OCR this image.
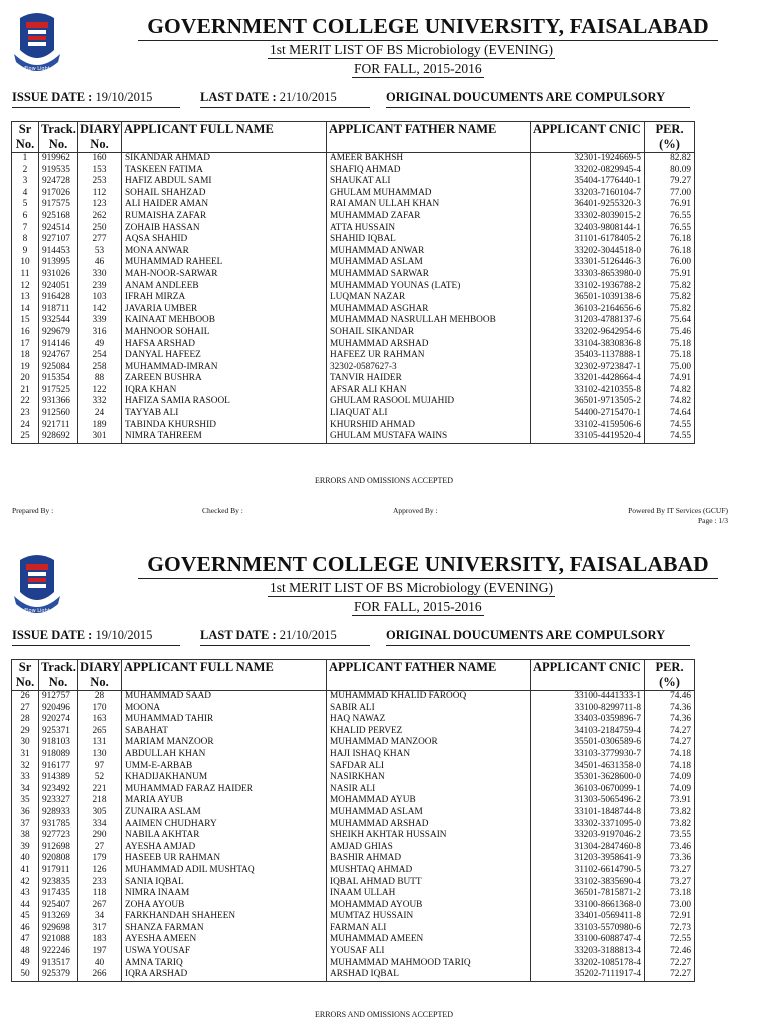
Flow Light
GOVERNMENT COLLEGE UNIVERSITY, FAISALABAD
1st MERIT LIST OF BS Microbiology (EVENING)
FOR FALL, 2015-2016
ISSUE DATE : 19/10/2015	LAST DATE : 21/10/2015	ORIGINAL DOUCUMENTS ARE COMPULSORY
Sr No.	Track. No.	DIARY No.	APPLICANT FULL NAME	APPLICANT FATHER NAME	APPLICANT CNIC	PER. (%)
1	919962	160	SIKANDAR AHMAD	AMEER BAKHSH	32301-1924669-5	82.82
2	919535	153	TASKEEN FATIMA	SHAFIQ AHMAD	33202-0829945-4	80.09
3	924728	253	HAFIZ ABDUL SAMI	SHAUKAT ALI	35404-1776440-1	79.27
4	917026	112	SOHAIL SHAHZAD	GHULAM MUHAMMAD	33203-7160104-7	77.00
5	917575	123	ALI HAIDER AMAN	RAI AMAN ULLAH KHAN	36401-9255320-3	76.91
6	925168	262	RUMAISHA ZAFAR	MUHAMMAD ZAFAR	33302-8039015-2	76.55
7	924514	250	ZOHAIB HASSAN	ATTA HUSSAIN	32403-9808144-1	76.55
8	927107	277	AQSA SHAHID	SHAHID IQBAL	31101-6178405-2	76.18
9	914453	53	MONA ANWAR	MUHAMMAD ANWAR	33202-3044518-0	76.18
10	913995	46	MUHAMMAD RAHEEL	MUHAMMAD ASLAM	33301-5126446-3	76.00
11	931026	330	MAH-NOOR-SARWAR	MUHAMMAD SARWAR	33303-8653980-0	75.91
12	924051	239	ANAM ANDLEEB	MUHAMMAD YOUNAS (LATE)	33102-1936788-2	75.82
13	916428	103	IFRAH MIRZA	LUQMAN NAZAR	36501-1039138-6	75.82
14	918711	142	JAVARIA UMBER	MUHAMMAD ASGHAR	36103-2164656-6	75.82
15	932544	339	KAINAAT MEHBOOB	MUHAMMAD NASRULLAH MEHBOOB	31203-4788137-6	75.64
16	929679	316	MAHNOOR SOHAIL	SOHAIL SIKANDAR	33202-9642954-6	75.46
17	914146	49	HAFSA ARSHAD	MUHAMMAD ARSHAD	33104-3830836-8	75.18
18	924767	254	DANYAL HAFEEZ	HAFEEZ UR RAHMAN	35403-1137888-1	75.18
19	925084	258	MUHAMMAD-IMRAN	32302-0587627-3	32302-9723847-1	75.00
20	915354	88	ZAREEN BUSHRA	TANVIR HAIDER	33201-4428664-4	74.91
21	917525	122	IQRA KHAN	AFSAR ALI KHAN	33102-4210355-8	74.82
22	931366	332	HAFIZA SAMIA RASOOL	GHULAM RASOOL MUJAHID	36501-9713505-2	74.82
23	912560	24	TAYYAB ALI	LIAQUAT ALI	54400-2715470-1	74.64
24	921711	189	TABINDA KHURSHID	KHURSHID AHMAD	33102-4159506-6	74.55
25	928692	301	NIMRA TAHREEM	GHULAM MUSTAFA WAINS	33105-4419520-4	74.55
ERRORS AND OMISSIONS ACCEPTED
Prepared By :	Checked By :	Approved By :	Powered By IT Services (GCUF)
Page : 1/3
Flow Light
GOVERNMENT COLLEGE UNIVERSITY, FAISALABAD
1st MERIT LIST OF BS Microbiology (EVENING)
FOR FALL, 2015-2016
ISSUE DATE : 19/10/2015	LAST DATE : 21/10/2015	ORIGINAL DOUCUMENTS ARE COMPULSORY
Sr No.	Track. No.	DIARY No.	APPLICANT FULL NAME	APPLICANT FATHER NAME	APPLICANT CNIC	PER. (%)
26	912757	28	MUHAMMAD SAAD	MUHAMMAD KHALID FAROOQ	33100-4441333-1	74.46
27	920496	170	MOONA	SABIR ALI	33100-8299711-8	74.36
28	920274	163	MUHAMMAD TAHIR	HAQ NAWAZ	33403-0359896-7	74.36
29	925371	265	SABAHAT	KHALID PERVEZ	34103-2184759-4	74.27
30	918103	131	MARIAM MANZOOR	MUHAMMAD MANZOOR	35501-0306589-6	74.27
31	918089	130	ABDULLAH KHAN	HAJI ISHAQ KHAN	33103-3779930-7	74.18
32	916177	97	UMM-E-ARBAB	SAFDAR ALI	34501-4631358-0	74.18
33	914389	52	KHADIJAKHANUM	NASIRKHAN	35301-3628600-0	74.09
34	923492	221	MUHAMMAD FARAZ HAIDER	NASIR ALI	36103-0670099-1	74.09
35	923327	218	MARIA AYUB	MOHAMMAD AYUB	31303-5065496-2	73.91
36	928933	305	ZUNAIRA ASLAM	MUHAMMAD ASLAM	33101-1848744-8	73.82
37	931785	334	AAIMEN CHUDHARY	MUHAMMAD ARSHAD	33302-3371095-0	73.82
38	927723	290	NABILA AKHTAR	SHEIKH AKHTAR HUSSAIN	33203-9197046-2	73.55
39	912698	27	AYESHA AMJAD	AMJAD GHIAS	31304-2847460-8	73.46
40	920808	179	HASEEB UR RAHMAN	BASHIR AHMAD	31203-3958641-9	73.36
41	917911	126	MUHAMMAD ADIL MUSHTAQ	MUSHTAQ AHMAD	31102-6614790-5	73.27
42	923835	233	SANIA IQBAL	IQBAL AHMAD BUTT	33102-3835690-4	73.27
43	917435	118	NIMRA INAAM	INAAM ULLAH	36501-7815871-2	73.18
44	925407	267	ZOHA AYOUB	MOHAMMAD AYOUB	33100-8661368-0	73.00
45	913269	34	FARKHANDAH SHAHEEN	MUMTAZ HUSSAIN	33401-0569411-8	72.91
46	929698	317	SHANZA FARMAN	FARMAN ALI	33103-5570980-6	72.73
47	921088	183	AYESHA AMEEN	MUHAMMAD AMEEN	33100-6088747-4	72.55
48	922246	197	USWA YOUSAF	YOUSAF ALI	33203-3188813-4	72.46
49	913517	40	AMNA TARIQ	MUHAMMAD MAHMOOD TARIQ	33202-1085178-4	72.27
50	925379	266	IQRA ARSHAD	ARSHAD IQBAL	35202-7111917-4	72.27
ERRORS AND OMISSIONS ACCEPTED
